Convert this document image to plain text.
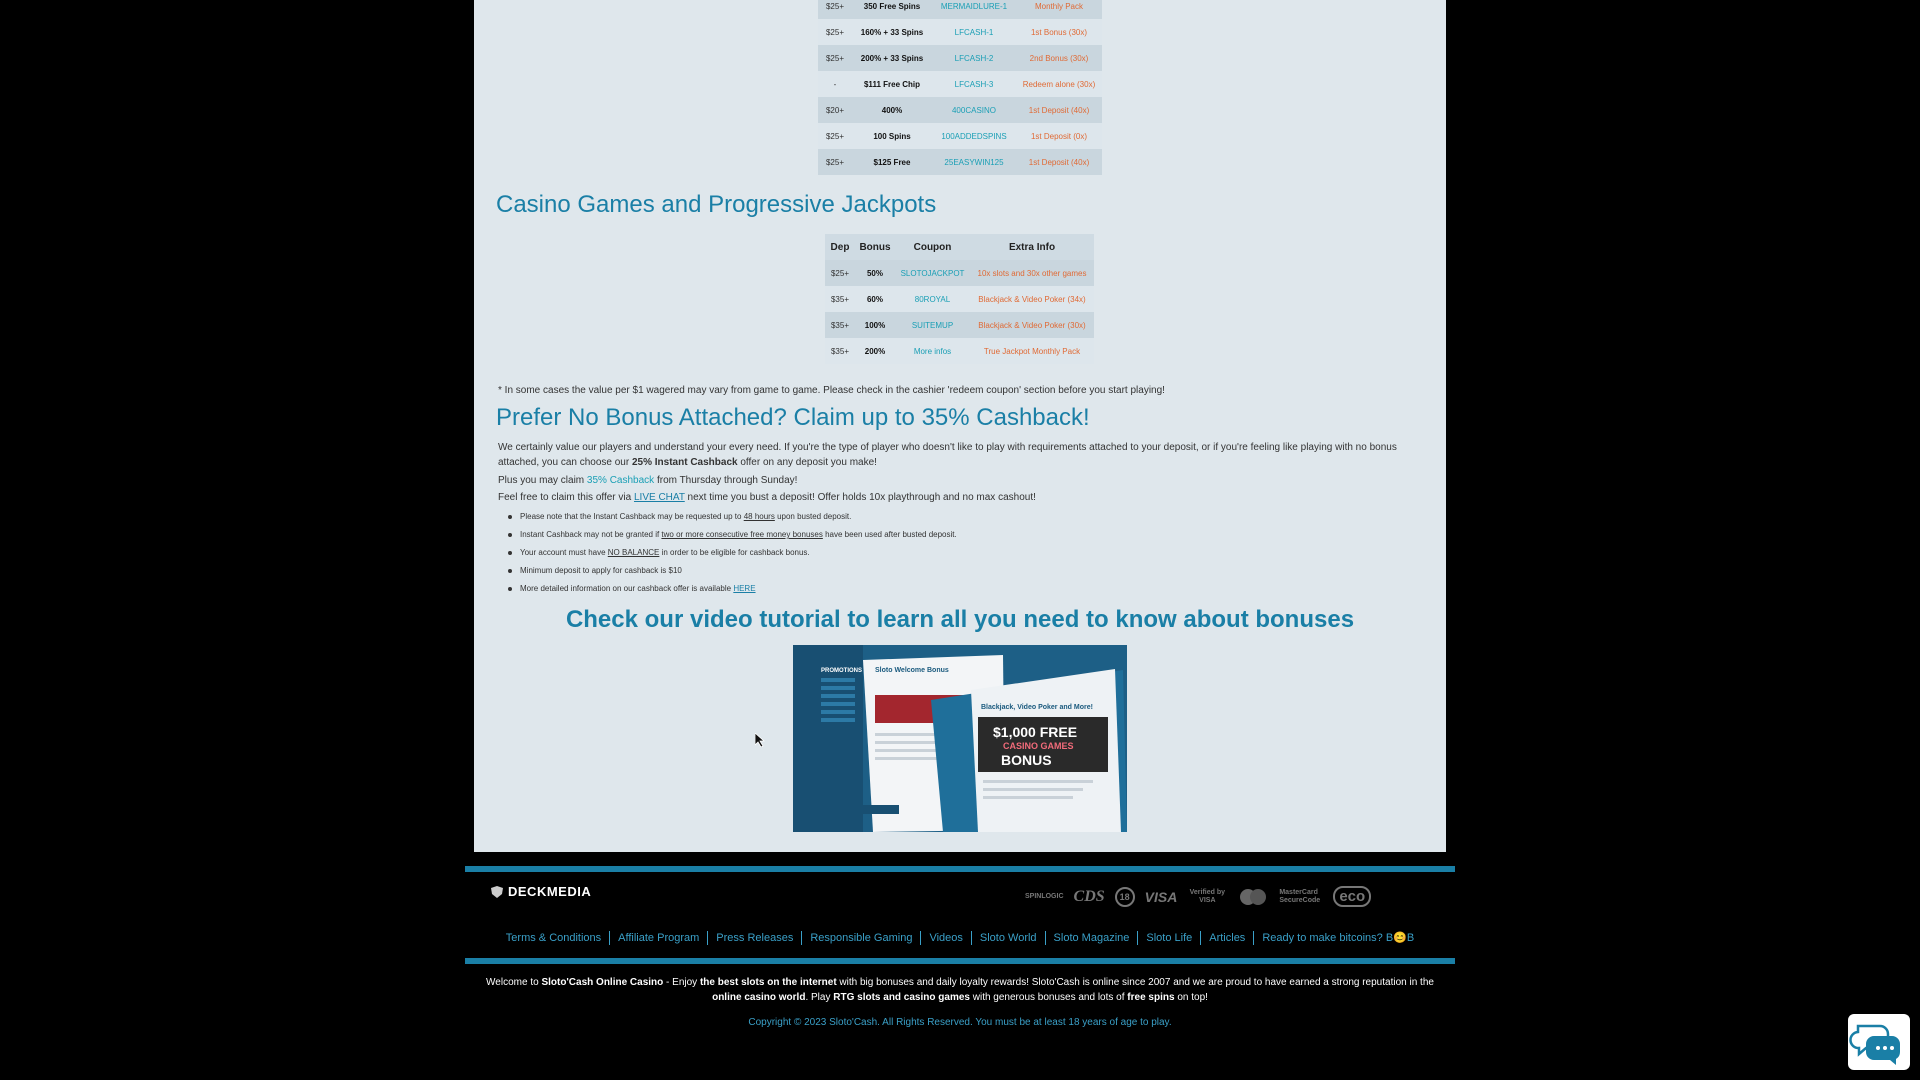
$25+	350 Free Spins	MERMAIDLURE-1	Monthly Pack
$25+	160% + 33 Spins	LFCASH-1	1st Bonus (30x)
$25+	200% + 33 Spins	LFCASH-2	2nd Bonus (30x)
-	$111 Free Chip	LFCASH-3	Redeem alone (30x)
$20+	400%	400CASINO	1st Deposit (40x)
$25+	100 Spins	100ADDEDSPINS	1st Deposit (0x)
$25+	$125 Free	25EASYWIN125	1st Deposit (40x)
Casino Games and Progressive Jackpots
Dep	Bonus	Coupon	Extra Info
$25+	50%	SLOTOJACKPOT	10x slots and 30x other games
$35+	60%	80ROYAL	Blackjack & Video Poker (34x)
$35+	100%	SUITEMUP	Blackjack & Video Poker (30x)
$35+	200%	More infos	True Jackpot Monthly Pack
* In some cases the value per $1 wagered may vary from game to game. Please check in the cashier 'redeem coupon' section before you start playing!
Prefer No Bonus Attached? Claim up to 35% Cashback!
We certainly value our players and understand your every need. If you're the type of player who doesn't like to play with requirements attached to your deposit, or if you're feeling like playing with no bonus attached, you can choose our 25% Instant Cashback offer on any deposit you make!
Plus you may claim 35% Cashback from Thursday through Sunday!
Feel free to claim this offer via LIVE CHAT next time you bust a deposit! Offer holds 10x playthrough and no max cashout!
Please note that the Instant Cashback may be requested up to 48 hours upon busted deposit.
Instant Cashback may not be granted if two or more consecutive free money bonuses have been used after busted deposit.
Your account must have NO BALANCE in order to be eligible for cashback bonus.
Minimum deposit to apply for cashback is $10
More detailed information on our cashback offer is available HERE
Check our video tutorial to learn all you need to know about bonuses
PROMOTIONS Sloto Welcome Bonus
Blackjack, Video Poker and More!
$1,000 FREE
CASINO GAMES
BONUS
DECKMEDIA	SPINLOGIC CDS	18	VISA	Verified by VISA
MasterCard SecureCode	eco
Terms & Conditions	Affiliate Program	Press Releases	Responsible Gaming	Videos	Sloto World	Sloto Magazine	Sloto Life	Articles	Ready to make bitcoins? B😊B
Welcome to Sloto'Cash Online Casino - Enjoy the best slots on the internet with big bonuses and daily loyalty rewards! Sloto'Cash is online since 2007 and we are proud to have earned a strong reputation in the online casino world. Play RTG slots and casino games with generous bonuses and lots of free spins on top!
Copyright © 2023 Sloto'Cash. All Rights Reserved. You must be at least 18 years of age to play.
